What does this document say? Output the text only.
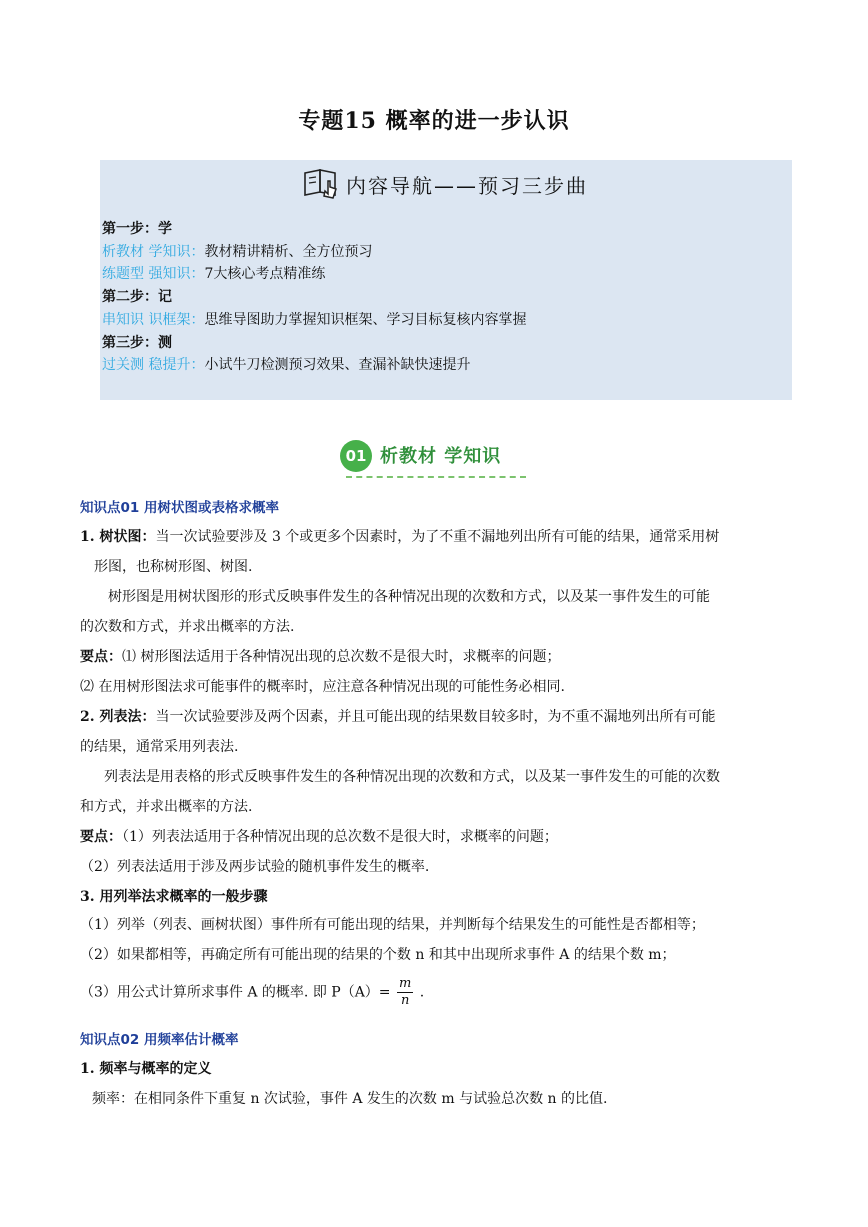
专题15 概率的进一步认识
内容导航——预习三步曲
第一步：学
析教材 学知识：教材精讲精析、全方位预习
练题型 强知识：7大核心考点精准练
第二步：记
串知识 识框架：思维导图助力掌握知识框架、学习目标复核内容掌握
第三步：测
过关测 稳提升：小试牛刀检测预习效果、查漏补缺快速提升
01 析教材 学知识
知识点01 用树状图或表格求概率
1. 树状图：当一次试验要涉及 3 个或更多个因素时，为了不重不漏地列出所有可能的结果，通常采用树
形图，也称树形图、树图.
树形图是用树状图形的形式反映事件发生的各种情况出现的次数和方式，以及某一事件发生的可能
的次数和方式，并求出概率的方法.
要点：⑴ 树形图法适用于各种情况出现的总次数不是很大时，求概率的问题；
⑵ 在用树形图法求可能事件的概率时，应注意各种情况出现的可能性务必相同.
2. 列表法：当一次试验要涉及两个因素，并且可能出现的结果数目较多时，为不重不漏地列出所有可能
的结果，通常采用列表法.
列表法是用表格的形式反映事件发生的各种情况出现的次数和方式，以及某一事件发生的可能的次数
和方式，并求出概率的方法.
要点：（1）列表法适用于各种情况出现的总次数不是很大时，求概率的问题；
（2）列表法适用于涉及两步试验的随机事件发生的概率.
3. 用列举法求概率的一般步骤
（1）列举（列表、画树状图）事件所有可能出现的结果，并判断每个结果发生的可能性是否都相等；
（2）如果都相等，再确定所有可能出现的结果的个数 n 和其中出现所求事件 A 的结果个数 m；
（3）用公式计算所求事件 A 的概率. 即 $P(A)= \frac{m}{n}$ .
知识点02 用频率估计概率
1. 频率与概率的定义
频率：在相同条件下重复 n 次试验，事件 A 发生的次数 m 与试验总次数 n 的比值.
